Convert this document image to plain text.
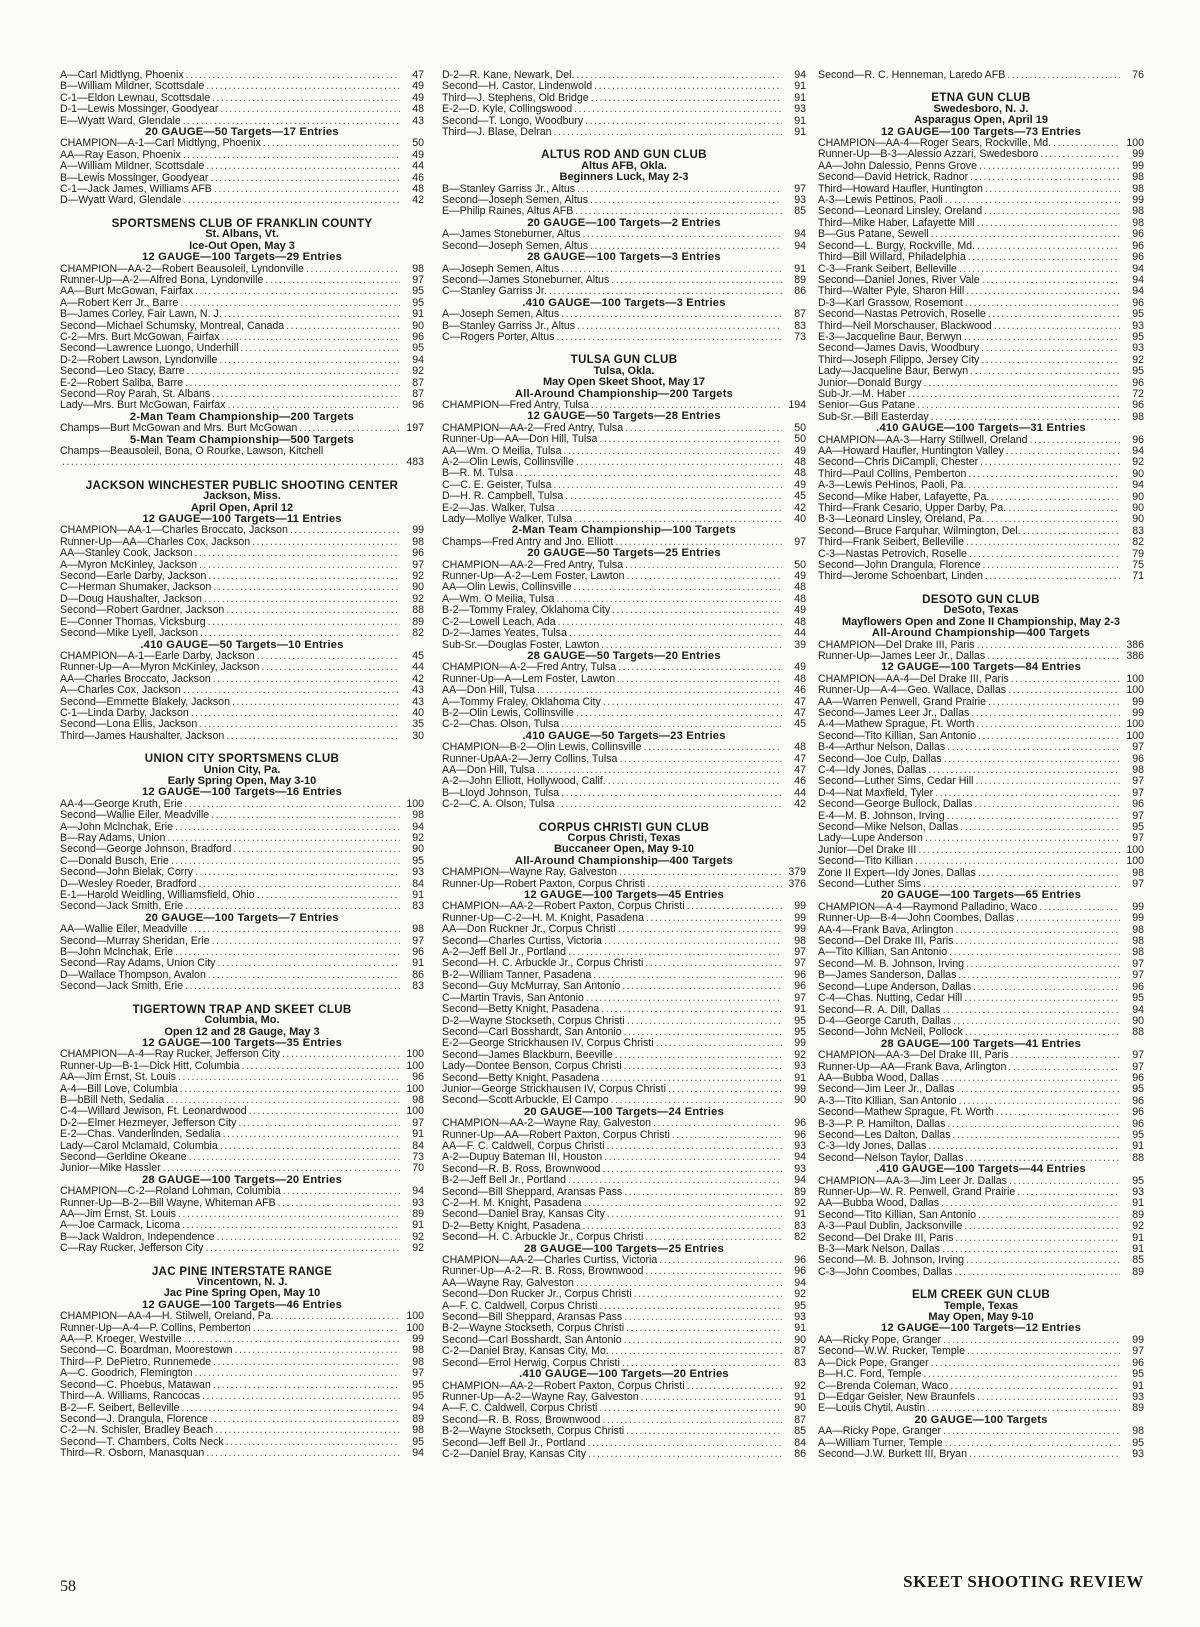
A—Carl Midtlyng, Phoenix .....	47
B—William Mildner, Scottsdale .....	49
C-1—Eldon Lewnau, Scottsdale .....	49
D-1—Lewis Mossinger, Goodyear .....	48
E—Wyatt Ward, Glendale .....	43
20 GAUGE—50 Targets—17 Entries
CHAMPION—A-1—Carl Midtlyng, Phoenix .....	50
AA—Ray Eason, Phoenix .....	49
A—William Mildner, Scottsdale .....	44
B—Lewis Mossinger, Goodyear .....	46
C-1—Jack James, Williams AFB .....	48
D—Wyatt Ward, Glendale .....	42
SPORTSMENS CLUB OF FRANKLIN COUNTY
St. Albans, Vt.
Ice-Out Open, May 3
12 GAUGE—100 Targets—29 Entries
CHAMPION—AA-2—Robert Beausoleil, Lyndonville .....	98
Runner-Up—A-2—Alfred Bona, Lyndonville .....	97
AA—Burt McGowan, Fairfax .....	95
A—Robert Kerr Jr., Barre .....	95
B—James Corley, Fair Lawn, N. J. .....	91
Second—Michael Schumsky, Montreal, Canada .....	90
C-2—Mrs. Burt McGowan, Fairfax .....	96
Second—Lawrence Luongo, Underhill .....	95
D-2—Robert Lawson, Lyndonville .....	94
Second—Leo Stacy, Barre .....	92
E-2—Robert Saliba, Barre .....	87
Second—Roy Parah, St. Albans .....	87
Lady—Mrs. Burt McGowan, Fairfax .....	96
2-Man Team Championship—200 Targets
Champs—Burt McGowan and Mrs. Burt McGowan .....	197
5-Man Team Championship—500 Targets
Champs—Beausoleil, Bona, O Rourke, Lawson, Kitchell
.....
483
JACKSON WINCHESTER PUBLIC SHOOTING CENTER
Jackson, Miss.
April Open, April 12
12 GAUGE—100 Targets—11 Entries
CHAMPION—AA-1—Charles Broccato, Jackson .....	99
Runner-Up—AA—Charles Cox, Jackson .....	98
AA—Stanley Cook, Jackson .....	96
A—Myron McKinley, Jackson .....	97
Second—Earle Darby, Jackson .....	92
C—Herman Shumaker, Jackson .....	90
D—Doug Haushalter, Jackson .....	92
Second—Robert Gardner, Jackson .....	88
E—Conner Thomas, Vicksburg .....	89
Second—Mike Lyell, Jackson .....	82
.410 GAUGE—50 Targets—10 Entries
CHAMPION—A-1—Earle Darby, Jackson .....	45
Runner-Up—A—Myron McKinley, Jackson .....	44
AA—Charles Broccato, Jackson .....	42
A—Charles Cox, Jackson .....	43
Second—Emmette Blakely, Jackson .....	43
C-1—Linda Darby, Jackson .....	40
Second—Lona Ellis, Jackson .....	35
Third—James Haushalter, Jackson .....	30
UNION CITY SPORTSMENS CLUB
Union City, Pa.
Early Spring Open, May 3-10
12 GAUGE—100 Targets—16 Entries
AA-4—George Kruth, Erie .....	100
Second—Wallie Eiler, Meadville .....	98
A—John Mclnchak, Erie .....	94
B—Ray Adams, Union .....	92
Second—George Johnson, Bradford .....	90
C—Donald Busch, Erie .....	95
Second—John Bielak, Corry .....	93
D—Wesley Roeder, Bradford .....	84
E-1—Harold Weidling, Williamsfield, Ohio .....	91
Second—Jack Smith, Erie .....	83
20 GAUGE—100 Targets—7 Entries
AA—Wallie Eiler, Meadville .....	98
Second—Murray Sheridan, Erie .....	97
B—John Mclnchak, Erie .....	96
Second—Ray Adams, Union City .....	91
D—Wallace Thompson, Avalon .....	86
Second—Jack Smith, Erie .....	83
TIGERTOWN TRAP AND SKEET CLUB
Columbia, Mo.
Open 12 and 28 Gauge, May 3
12 GAUGE—100 Targets—35 Entries
CHAMPION—A-4—Ray Rucker, Jefferson City .....	100
Runner-Up—B-1—Dick Hitt, Columbia .....	100
AA—Jim Ernst, St. Louis .....	96
A-4—Bill Love, Columbia .....	100
B—bBill Neth, Sedalia .....	98
C-4—Willard Jewison, Ft. Leonardwood .....	100
D-2—Elmer Hezmeyer, Jefferson City .....	97
E-2—Chas. Vanderlinden, Sedalia .....	91
Lady—Carol Mclamald, Columbia .....	84
Second—Gerldine Okeane .....	73
Junior—Mike Hassler .....	70
28 GAUGE—100 Targets—20 Entries
CHAMPION—C-2—Roland Lohman, Columbia .....	94
Runner-Up—B-2—Bill Wayne, Whiteman AFB .....	93
AA—Jim Ernst, St. Louis .....	89
A—Joe Carmack, Licoma .....	91
B—Jack Waldron, Independence .....	92
C—Ray Rucker, Jefferson City .....	92
JAC PINE INTERSTATE RANGE
Vincentown, N. J.
Jac Pine Spring Open, May 10
12 GAUGE—100 Targets—46 Entries
CHAMPION—AA-4—H. Stilwell, Oreland, Pa. .....	100
Runner-Up—A-4—P. Collins, Pemberton .....	100
AA—P. Kroeger, Westville .....	99
Second—C. Boardman, Moorestown .....	98
Third—P. DePietro, Runnemede .....	98
A—C. Goodrich, Flemington .....	97
Second—C. Phoebus, Matawan .....	95
Third—A. Williams, Rancocas .....	95
B-2—F. Seibert, Belleville .....	94
Second—J. Drangula, Florence .....	89
C-2—N. Schisler, Bradley Beach .....	98
Second—T. Chambers, Colts Neck .....	95
Third—R. Osborn, Manasquan .....	94
D-2—R. Kane, Newark, Del. .....	94
Second—H. Castor, Lindenwold .....	91
Third—J. Stephens, Old Bridge .....	91
E-2—D. Kyle, Collingswood .....	93
Second—T. Longo, Woodbury .....	91
Third—J. Blase, Delran .....	91
ALTUS ROD AND GUN CLUB
Altus AFB, Okla.
Beginners Luck, May 2-3
B—Stanley Garriss Jr., Altus .....	97
Second—Joseph Semen, Altus .....	93
E—Philip Raines, Altus AFB .....	85
20 GAUGE—100 Targets—2 Entries
A—James Stoneburner, Altus .....	94
Second—Joseph Semen, Altus .....	94
28 GAUGE—100 Targets—3 Entries
A—Joseph Semen, Altus .....	91
Second—James Stoneburner, Altus .....	89
C—Stanley Garriss Jr. .....	86
.410 GAUGE—100 Targets—3 Entries
A—Joseph Semen, Altus .....	87
B—Stanley Garriss Jr., Altus .....	83
C—Rogers Porter, Altus .....	73
TULSA GUN CLUB
Tulsa, Okla.
May Open Skeet Shoot, May 17
All-Around Championship—200 Targets
CHAMPION—Fred Antry, Tulsa .....	194
12 GAUGE—50 Targets—28 Entries
CHAMPION—AA-2—Fred Antry, Tulsa .....	50
Runner-Up—AA—Don Hill, Tulsa .....	50
AA—Wm. O Meilia, Tulsa .....	49
A-2—Olin Lewis, Collinsville .....	48
B—R. M. Tulsa .....	48
C—C. E. Geister, Tulsa .....	49
D—H. R. Campbell, Tulsa .....	45
E-2—Jas. Walker, Tulsa .....	42
Lady—Mollye Walker, Tulsa .....	40
2-Man Team Championship—100 Targets
Champs—Fred Antry and Jno. Elliott .....	97
20 GAUGE—50 Targets—25 Entries
CHAMPION—AA-2—Fred Antry, Tulsa .....	50
Runner-Up—A-2—Lem Foster, Lawton .....	49
AA—Olin Lewis, Collinsville .....	48
A—Wm. O Meilia, Tulsa .....	48
B-2—Tommy Fraley, Oklahoma City .....	49
C-2—Lowell Leach, Ada .....	48
D-2—James Yeates, Tulsa .....	44
Sub-Sr.—Douglas Foster, Lawton .....	39
28 GAUGE—50 Targets—20 Entries
CHAMPION—A-2—Fred Antry, Tulsa .....	49
Runner-Up—A—Lem Foster, Lawton .....	48
AA—Don Hill, Tulsa .....	46
A—Tommy Fraley, Oklahoma City .....	47
B-2—Olin Lewis, Collinsville .....	47
C-2—Chas. Olson, Tulsa .....	45
.410 GAUGE—50 Targets—23 Entries
CHAMPION—B-2—Olin Lewis, Collinsville .....	48
Runner-UpAA-2—Jerry Collins, Tulsa .....	47
AA—Don Hill, Tulsa .....	47
A-2—John Elliott, Hollywood, Calif. .....	46
B—Lloyd Johnson, Tulsa .....	44
C-2—C. A. Olson, Tulsa .....	42
CORPUS CHRISTI GUN CLUB
Corpus Christi, Texas
Buccaneer Open, May 9-10
All-Around Championship—400 Targets
CHAMPION—Wayne Ray, Galveston .....	379
Runner-Up—Robert Paxton, Corpus Christi .....	376
12 GAUGE—100 Targets—45 Entries
CHAMPION—AA-2—Robert Paxton, Corpus Christi .....	99
Runner-Up—C-2—H. M. Knight, Pasadena .....	99
AA—Don Ruckner Jr., Corpus Christi .....	99
Second—Charles Curtiss, Victoria .....	98
A-2—Jeff Bell Jr., Portland .....	97
Second—H. C. Arbuckle Jr., Corpus Christi .....	97
B-2—William Tanner, Pasadena .....	96
Second—Guy McMurray, San Antonio .....	96
C—Martin Travis, San Antonio .....	97
Second—Betty Knight, Pasadena .....	91
D-2—Wayne Stockseth, Corpus Christi .....	95
Second—Carl Bosshardt, San Antonio .....	95
E-2—George Strickhausen IV, Corpus Christi .....	99
Second—James Blackburn, Beeville .....	92
Lady—Dontee Benson, Corpus Christi .....	93
Second—Betty Knight, Pasadena .....	91
Junior—George Strickhausen IV, Corpus Christi .....	99
Second—Scott Arbuckle, El Campo .....	90
20 GAUGE—100 Targets—24 Entries
CHAMPION—AA-2—Wayne Ray, Galveston .....	96
Runner-Up—AA—Robert Paxton, Corpus Christi .....	96
AA—F. C. Caldwell, Corpus Christi .....	93
A-2—Dupuy Bateman III, Houston .....	94
Second—R. B. Ross, Brownwood .....	93
B-2—Jeff Bell Jr., Portland .....	94
Second—Bill Sheppard, Aransas Pass .....	89
C-2—H. M. Knight, Pasadena .....	92
Second—Daniel Bray, Kansas City .....	91
D-2—Betty Knight, Pasadena .....	83
Second—H. C. Arbuckle Jr., Corpus Christi .....	82
28 GAUGE—100 Targets—25 Entries
CHAMPION—AA-2—Charles Curtiss, Victoria .....	96
Runner-Up—A-2—R. B. Ross, Brownwood .....	96
AA—Wayne Ray, Galveston .....	94
Second—Don Rucker Jr., Corpus Christi .....	92
A—F. C. Caldwell, Corpus Christi .....	95
Second—Bill Sheppard, Aransas Pass .....	93
B-2—Wayne Stockseth, Corpus Christi .....	91
Second—Carl Bosshardt, San Antonio .....	90
C-2—Daniel Bray, Kansas City, Mo. .....	87
Second—Errol Herwig, Corpus Christi .....	83
.410 GAUGE—100 Targets—20 Entries
CHAMPION—AA-2—Robert Paxton, Corpus Christi .....	92
Runner-Up—A-2—Wayne Ray, Galveston .....	91
A—F. C. Caldwell, Corpus Christi .....	90
Second—R. B. Ross, Brownwood .....	87
B-2—Wayne Stockseth, Corpus Christi .....	85
Second—Jeff Bell Jr., Portland .....	84
C-2—Daniel Bray, Kansas City .....	86
Second—R. C. Henneman, Laredo AFB .....	76
ETNA GUN CLUB
Swedesboro, N. J.
Asparagus Open, April 19
12 GAUGE—100 Targets—73 Entries
CHAMPION—AA-4—Roger Sears, Rockville, Md. .....	100
Runner-Up—B-3—Alessio Azzari, Swedesboro .....	99
AA—John Dalessio, Penns Grove .....	99
Second—David Hetrick, Radnor .....	98
Third—Howard Haufler, Huntington .....	98
A-3—Lewis Pettinos, Paoli .....	99
Second—Leonard Linsley, Oreland .....	98
Third—Mike Haber, Lafayette Mill .....	98
B—Gus Patane, Sewell .....	96
Second—L. Burgy, Rockville, Md. .....	96
Third—Bill Willard, Philadelphia .....	96
C-3—Frank Seibert, Belleville .....	94
Second—Daniel Jones, River Vale .....	94
Third—Walter Pyle, Sharon Hill .....	94
D-3—Karl Grassow, Rosemont .....	96
Second—Nastas Petrovich, Roselle .....	95
Third—Neil Morschauser, Blackwood .....	93
E-3—Jacqueline Baur, Berwyn .....	95
Second—James Davis, Woodbury .....	93
Third—Joseph Filippo, Jersey City .....	92
Lady—Jacqueline Baur, Berwyn .....	95
Junior—Donald Burgy .....	96
Sub-Jr.—M. Haber .....	72
Senior—Gus Patane .....	96
Sub-Sr.—Bill Easterday .....	98
.410 GAUGE—100 Targets—31 Entries
CHAMPION—AA-3—Harry Stillwell, Oreland .....	96
AA—Howard Haufler, Huntington Valley .....	94
Second—Chris DiCampli, Chester .....	92
Third—Paul Collins, Pemberton .....	90
A-3—Lewis PeHinos, Paoli, Pa. .....	94
Second—Mike Haber, Lafayette, Pa. .....	90
Third—Frank Cesario, Upper Darby, Pa. .....	90
B-3—Leonard Linsley, Oreland, Pa. .....	90
Second—Bruce Farquhar, Wilmington, Del. .....	83
Third—Frank Seibert, Belleville .....	82
C-3—Nastas Petrovich, Roselle .....	79
Second—John Drangula, Florence .....	75
Third—Jerome Schoenbart, Linden .....	71
DESOTO GUN CLUB
DeSoto, Texas
Mayflowers Open and Zone II Championship, May 2-3
All-Around Championship—400 Targets
CHAMPION—Del Drake III, Paris .....	386
Runner-Up—James Leer Jr., Dallas .....	386
12 GAUGE—100 Targets—84 Entries
CHAMPION—AA-4—Del Drake III, Paris .....	100
Runner-Up—A-4—Geo. Wallace, Dallas .....	100
AA—Warren Penwell, Grand Prairie .....	99
Second—James Leer Jr., Dallas .....	99
A-4—Mathew Sprague, Ft. Worth .....	100
Second—Tito Killian, San Antonio .....	100
B-4—Arthur Nelson, Dallas .....	97
Second—Joe Culp, Dallas .....	96
C-4—Idy Jones, Dallas .....	98
Second—Luther Sims, Cedar Hill .....	97
D-4—Nat Maxfield, Tyler .....	97
Second—George Bullock, Dallas .....	96
E-4—M. B. Johnson, Irving .....	97
Second—Mike Nelson, Dallas .....	95
Lady—Lupe Anderson .....	97
Junior—Del Drake III .....	100
Second—Tito Killian .....	100
Zone II Expert—Idy Jones, Dallas .....	98
Second—Luther Sims .....	97
20 GAUGE—100 Targets—65 Entries
CHAMPION—A-4—Raymond Palladino, Waco .....	99
Runner-Up—B-4—John Coombes, Dallas .....	99
AA-4—Frank Bava, Arlington .....	98
Second—Del Drake III, Paris .....	98
A—Tito Killian, San Antonio .....	98
Second—M. B. Johnson, Irving .....	97
B—James Sanderson, Dallas .....	97
Second—Lupe Anderson, Dallas .....	96
C-4—Chas. Nutting, Cedar Hill .....	95
Second—R. A. Dill, Dallas .....	94
D-4—George Caruth, Dallas .....	90
Second—John McNeil, Pollock .....	88
28 GAUGE—100 Targets—41 Entries
CHAMPION—AA-3—Del Drake III, Paris .....	97
Runner-Up—AA—Frank Bava, Arlington .....	97
AA—Bubba Wood, Dallas .....	96
Second—Jim Leer Jr., Dallas .....	95
A-3—Tito Killian, San Antonio .....	96
Second—Mathew Sprague, Ft. Worth .....	96
B-3—P. P. Hamilton, Dallas .....	96
Second—Les Dalton, Dallas .....	95
C-3—Idy Jones, Dallas .....	91
Second—Nelson Taylor, Dallas .....	88
.410 GAUGE—100 Targets—44 Entries
CHAMPION—AA-3—Jim Leer Jr. Dallas .....	95
Runner-Up—W. R. Penwell, Grand Prairie .....	93
AA—Bubba Wood, Dallas .....	91
Second—Tito Killian, San Antonio .....	89
A-3—Paul Dublin, Jacksonville .....	92
Second—Del Drake III, Paris .....	91
B-3—Mark Nelson, Dallas .....	91
Second—M. B. Johnson, Irving .....	85
C-3—John Coombes, Dallas .....	89
ELM CREEK GUN CLUB
Temple, Texas
May Open, May 9-10
12 GAUGE—100 Targets—12 Entries
AA—Ricky Pope, Granger .....	99
Second—W.W. Rucker, Temple .....	97
A—Dick Pope, Granger .....	96
B—H.C. Ford, Temple .....	95
C—Brenda Coleman, Waco .....	91
D—Edgar Geisler, New Braunfels .....	93
E—Louis Chytil, Austin .....	89
20 GAUGE—100 Targets
AA—Ricky Pope, Granger .....	98
A—William Turner, Temple .....	95
Second—J.W. Burkett III, Bryan .....	93
58	SKEET SHOOTING REVIEW
